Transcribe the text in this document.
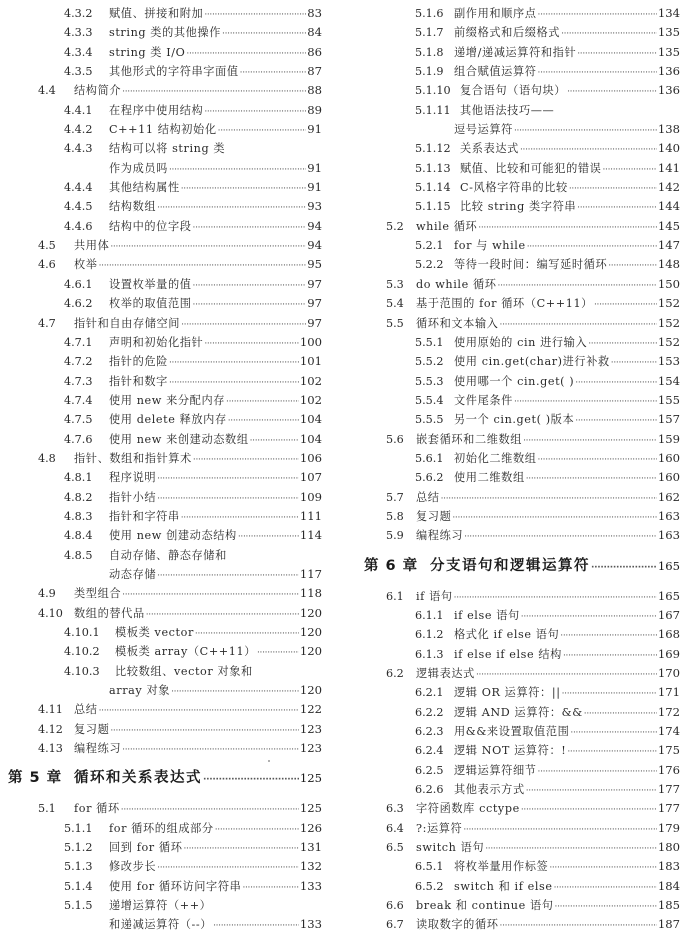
4.3.2	赋值、拼接和附加 ·····	83
4.3.3	string 类的其他操作 ·····	84
4.3.4	string 类 I/O ·····	86
4.3.5	其他形式的字符串字面值 ·····	87
4.4	结构简介 ·····	88
4.4.1	在程序中使用结构 ·····	89
4.4.2	C++11 结构初始化 ·····	91
4.4.3	结构可以将 string 类
作为成员吗 ·····	91
4.4.4	其他结构属性 ·····	91
4.4.5	结构数组 ·····	93
4.4.6	结构中的位字段 ·····	94
4.5	共用体 ·····	94
4.6	枚举 ·····	95
4.6.1	设置枚举量的值 ·····	97
4.6.2	枚举的取值范围 ·····	97
4.7	指针和自由存储空间 ·····	97
4.7.1	声明和初始化指针 ·····	100
4.7.2	指针的危险 ·····	101
4.7.3	指针和数字 ·····	102
4.7.4	使用 new 来分配内存 ·····	102
4.7.5	使用 delete 释放内存 ·····	104
4.7.6	使用 new 来创建动态数组 ·····	104
4.8	指针、数组和指针算术 ·····	106
4.8.1	程序说明 ·····	107
4.8.2	指针小结 ·····	109
4.8.3	指针和字符串 ·····	111
4.8.4	使用 new 创建动态结构 ·····	114
4.8.5	自动存储、静态存储和
动态存储 ·····	117
4.9	类型组合 ·····	118
4.10 数组的替代品 ·····	120
4.10.1	模板类 vector ·····	120
4.10.2	模板类 array（C++11） ·····	120
4.10.3	比较数组、vector 对象和
array 对象 ·····	120
4.11 总结 ·····	122
4.12 复习题 ·····	123
4.13 编程练习 ·····	123
第 5 章 循环和关系表达式 ·····	125
5.1	for 循环 ·····	125
5.1.1	for 循环的组成部分 ·····	126
5.1.2	回到 for 循环 ·····	131
5.1.3	修改步长 ·····	132
5.1.4	使用 for 循环访问字符串 ·····	133
5.1.5	递增运算符（++）
和递减运算符（--） ·····	133
5.1.6 副作用和顺序点 ·····	134
5.1.7 前缀格式和后缀格式 ·····	135
5.1.8 递增/递减运算符和指针 ·····	135
5.1.9 组合赋值运算符 ·····	136
5.1.10 复合语句（语句块） ·····	136
5.1.11 其他语法技巧——
逗号运算符 ·····	138
5.1.12 关系表达式 ·····	140
5.1.13 赋值、比较和可能犯的错误 ·····	141
5.1.14 C-风格字符串的比较 ·····	142
5.1.15 比较 string 类字符串 ·····	144
5.2	while 循环 ·····	145
5.2.1 for 与 while ·····	147
5.2.2 等待一段时间：编写延时循环 ·····	148
5.3	do while 循环 ·····	150
5.4	基于范围的 for 循环（C++11） ·····	152
5.5	循环和文本输入 ·····	152
5.5.1 使用原始的 cin 进行输入 ·····	152
5.5.2 使用 cin.get(char)进行补救 ·····	153
5.5.3 使用哪一个 cin.get( ) ·····	154
5.5.4 文件尾条件 ·····	155
5.5.5 另一个 cin.get( )版本 ·····	157
5.6	嵌套循环和二维数组 ·····	159
5.6.1 初始化二维数组 ·····	160
5.6.2 使用二维数组 ·····	160
5.7	总结 ·····	162
5.8	复习题 ·····	163
5.9	编程练习 ·····	163
第 6 章 分支语句和逻辑运算符 ·····	165
6.1	if 语句 ·····	165
6.1.1 if else 语句 ·····	167
6.1.2 格式化 if else 语句 ·····	168
6.1.3 if else if else 结构 ·····	169
6.2	逻辑表达式 ·····	170
6.2.1 逻辑 OR 运算符：|| ·····	171
6.2.2 逻辑 AND 运算符：&& ·····	172
6.2.3 用&&来设置取值范围 ·····	174
6.2.4 逻辑 NOT 运算符：! ·····	175
6.2.5 逻辑运算符细节 ·····	176
6.2.6 其他表示方式 ·····	177
6.3	字符函数库 cctype ·····	177
6.4	?:运算符 ·····	179
6.5	switch 语句 ·····	180
6.5.1 将枚举量用作标签 ·····	183
6.5.2 switch 和 if else ·····	184
6.6	break 和 continue 语句 ·····	185
6.7	读取数字的循环 ·····	187
